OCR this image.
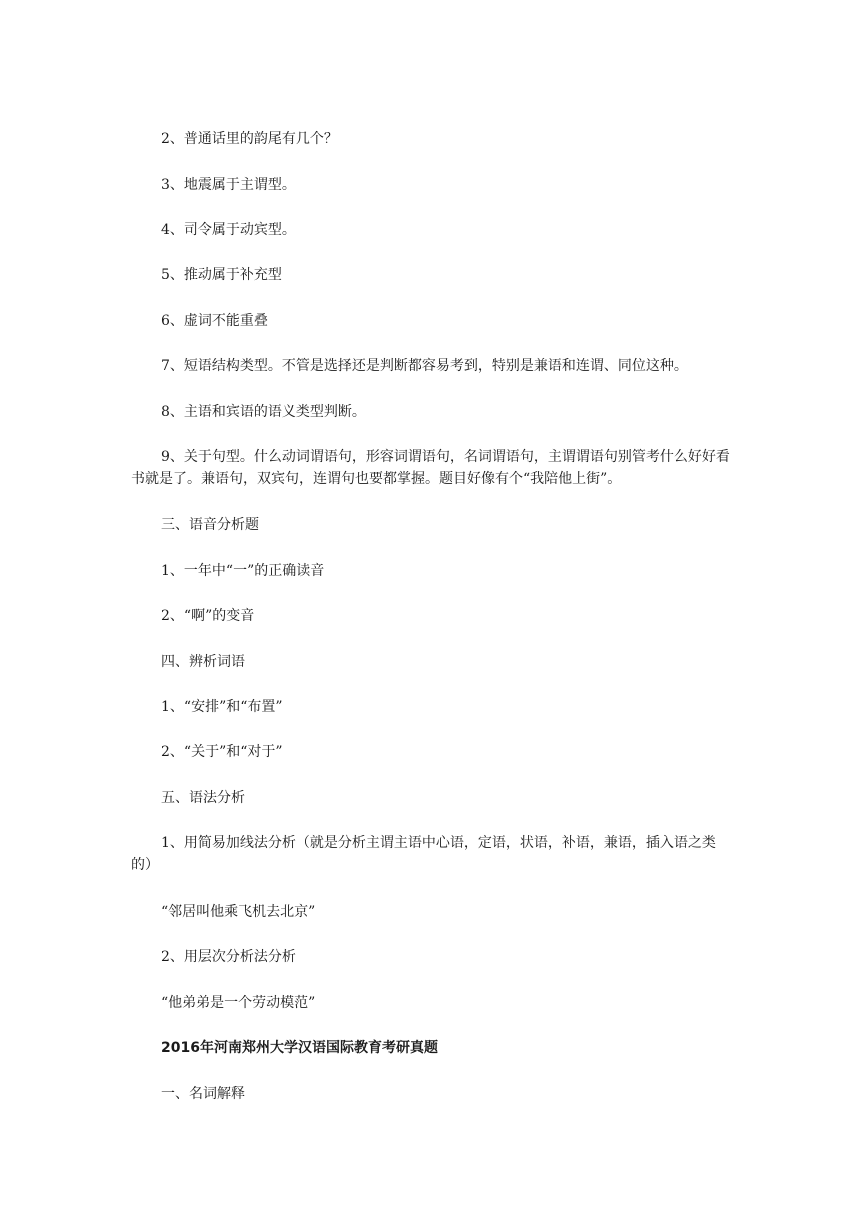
2、普通话里的韵尾有几个？

3、地震属于主谓型。

4、司令属于动宾型。

5、推动属于补充型

6、虚词不能重叠

7、短语结构类型。不管是选择还是判断都容易考到，特别是兼语和连谓、同位这种。

8、主语和宾语的语义类型判断。

9、关于句型。什么动词谓语句，形容词谓语句，名词谓语句，主谓谓语句别管考什么好好看书就是了。兼语句，双宾句，连谓句也要都掌握。题目好像有个“我陪他上街”。

三、语音分析题

1、一年中“一”的正确读音

2、“啊”的变音

四、辨析词语

1、“安排”和“布置”

2、“关于”和“对于”

五、语法分析

1、用简易加线法分析（就是分析主谓主语中心语，定语，状语，补语，兼语，插入语之类的）

“邻居叫他乘飞机去北京”

2、用层次分析法分析

“他弟弟是一个劳动模范”

2016年河南郑州大学汉语国际教育考研真题

一、名词解释
